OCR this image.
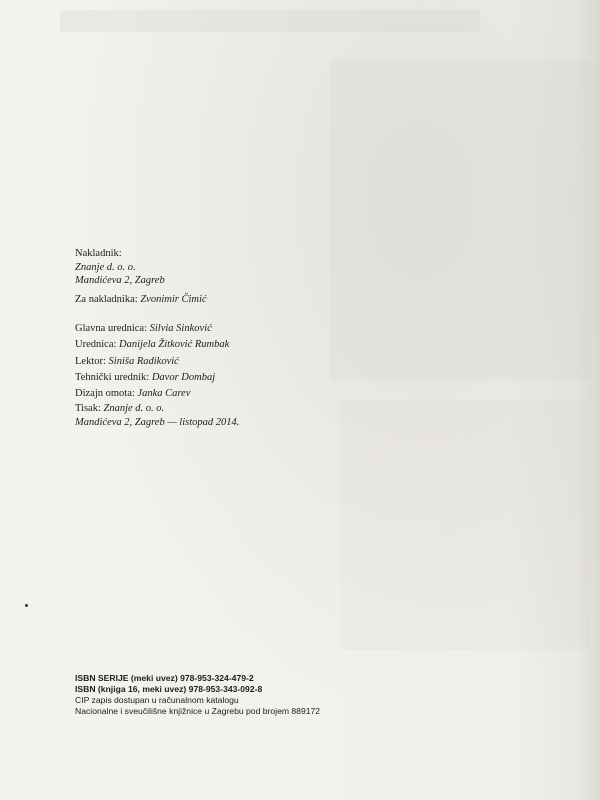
Nakladnik:
Znanje d. o. o.
Mandićeva 2, Zagreb
Za nakladnika: Zvonimir Čimić
Glavna urednica: Silvia Sinković
Urednica: Danijela Žitković Rumbak
Lektor: Siniša Radiković
Tehnički urednik: Davor Dombaj
Dizajn omota: Janka Carev
Tisak: Znanje d. o. o.
Mandićeva 2, Zagreb — listopad 2014.
ISBN SERIJE (meki uvez) 978-953-324-479-2
ISBN (knjiga 16, meki uvez) 978-953-343-092-8
CIP zapis dostupan u računalnom katalogu
Nacionalne i sveučilišne knjižnice u Zagrebu pod brojem 889172
